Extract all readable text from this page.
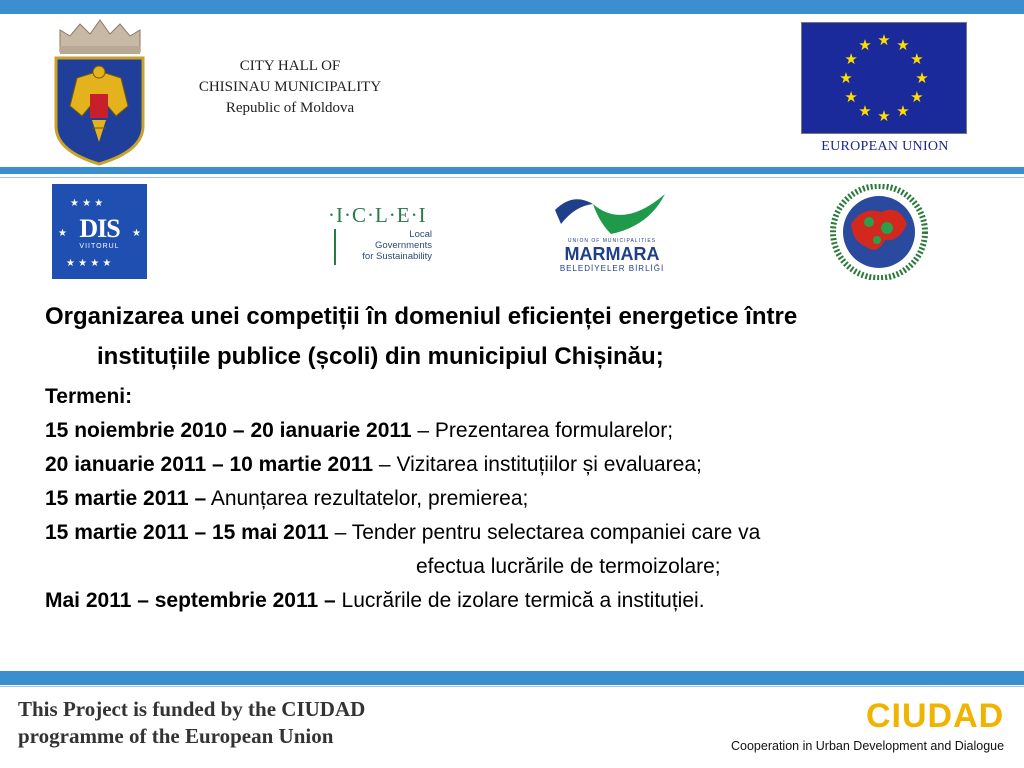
CITY HALL OF
CHISINAU MUNICIPALITY
Republic of Moldova
★ ★
★
★
★
★
★
★
★
★
★
★
EUROPEAN UNION
★ ★ ★
★ ★ ★ ★
★	★
DIS
VIITORUL
·I·C·L·E·I
Local
Governments
for Sustainability
UNION OF MUNICIPALITIES
MARMARA
BELEDİYELER BİRLİĞİ
Organizarea unei competiții în domeniul eficienței energetice între
instituțiile publice (școli) din municipiul Chișinău;
Termeni:
15 noiembrie 2010 – 20 ianuarie 2011 – Prezentarea formularelor;
20 ianuarie 2011 – 10 martie 2011 – Vizitarea instituțiilor și evaluarea;
15 martie 2011 – Anunțarea rezultatelor, premierea;
15 martie 2011 – 15 mai 2011 – Tender pentru selectarea companiei care va
efectua lucrările de termoizolare;
Mai 2011 – septembrie 2011 – Lucrările de izolare termică a instituției.
This Project is funded by the CIUDAD
programme of the European Union
CIUDAD
Cooperation in Urban Development and Dialogue
